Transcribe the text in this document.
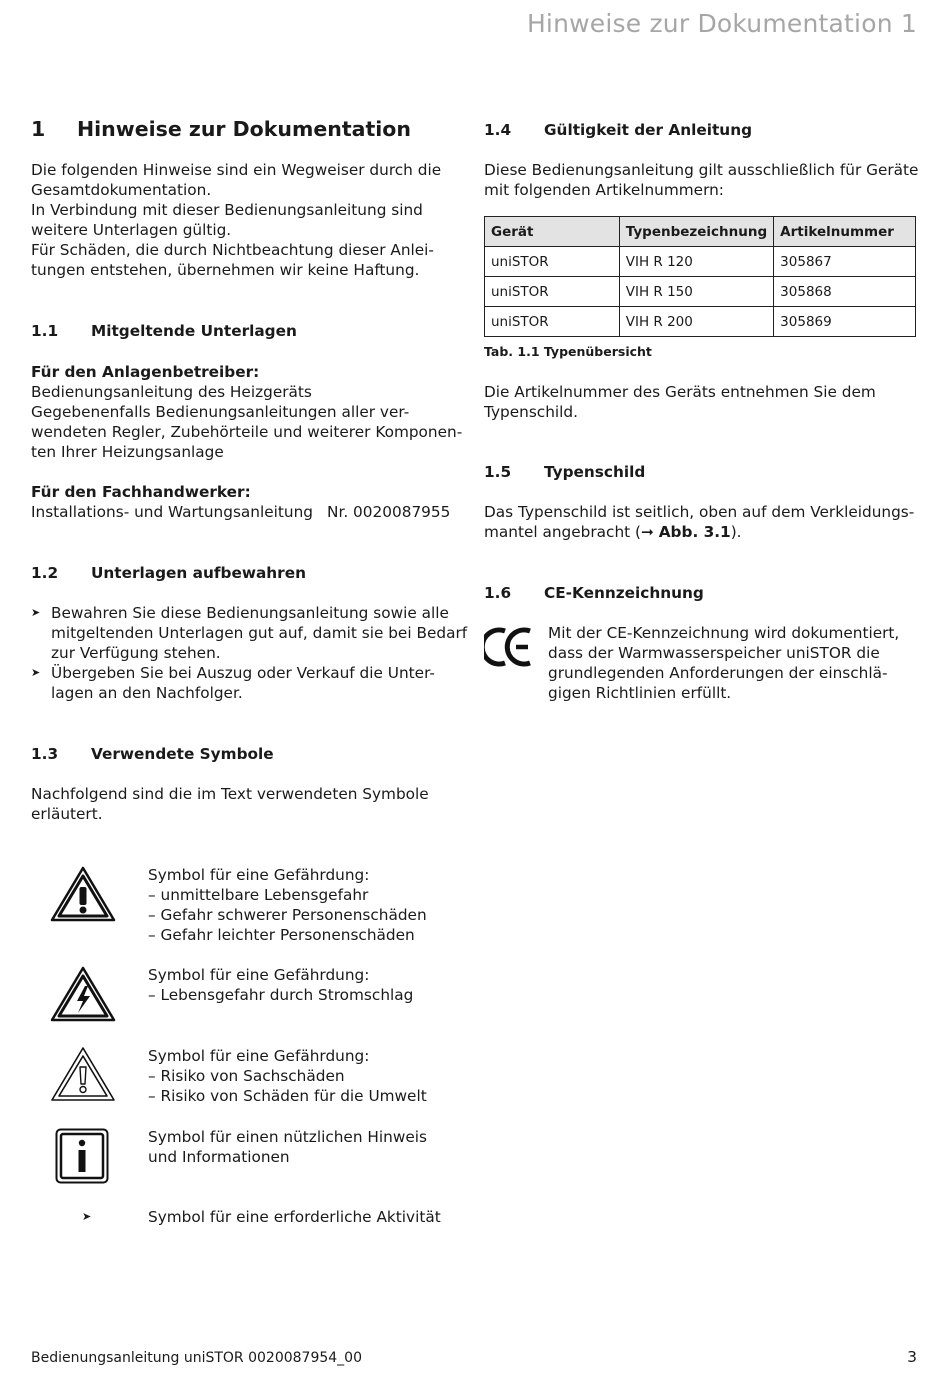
Hinweise zur Dokumentation 1
1 Hinweise zur Dokumentation
Die folgenden Hinweise sind ein Wegweiser durch die
Gesamtdokumentation.
In Verbindung mit dieser Bedienungsanleitung sind
weitere Unterlagen gültig.
Für Schäden, die durch Nichtbeachtung dieser Anlei-
tungen entstehen, übernehmen wir keine Haftung.
1.1 Mitgeltende Unterlagen
Für den Anlagenbetreiber:
Bedienungsanleitung des Heizgeräts
Gegebenenfalls Bedienungsanleitungen aller ver-
wendeten Regler, Zubehörteile und weiterer Komponen-
ten Ihrer Heizungsanlage
Für den Fachhandwerker:
Installations- und Wartungsanleitung Nr. 0020087955
1.2 Unterlagen aufbewahren
➤ Bewahren Sie diese Bedienungsanleitung sowie alle
mitgeltenden Unterlagen gut auf, damit sie bei Bedarf
zur Verfügung stehen.
➤ Übergeben Sie bei Auszug oder Verkauf die Unter-
lagen an den Nachfolger.
1.3 Verwendete Symbole
Nachfolgend sind die im Text verwendeten Symbole
erläutert.
Symbol für eine Gefährdung:
– unmittelbare Lebensgefahr
– Gefahr schwerer Personenschäden
– Gefahr leichter Personenschäden
Symbol für eine Gefährdung:
– Lebensgefahr durch Stromschlag
Symbol für eine Gefährdung:
– Risiko von Sachschäden
– Risiko von Schäden für die Umwelt
Symbol für einen nützlichen Hinweis
und Informationen
➤	Symbol für eine erforderliche Aktivität
1.4 Gültigkeit der Anleitung
Diese Bedienungsanleitung gilt ausschließlich für Geräte
mit folgenden Artikelnummern:
Gerät	Typenbezeichnung	Artikelnummer
uniSTOR	VIH R 120	305867
uniSTOR	VIH R 150	305868
uniSTOR	VIH R 200	305869
Tab. 1.1 Typenübersicht
Die Artikelnummer des Geräts entnehmen Sie dem
Typenschild.
1.5 Typenschild
Das Typenschild ist seitlich, oben auf dem Verkleidungs-
mantel angebracht (➞ Abb. 3.1).
1.6 CE-Kennzeichnung
Mit der CE-Kennzeichnung wird dokumentiert,
dass der Warmwasserspeicher uniSTOR die
grundlegenden Anforderungen der einschlä-
gigen Richtlinien erfüllt.
Bedienungsanleitung uniSTOR 0020087954_00	3
